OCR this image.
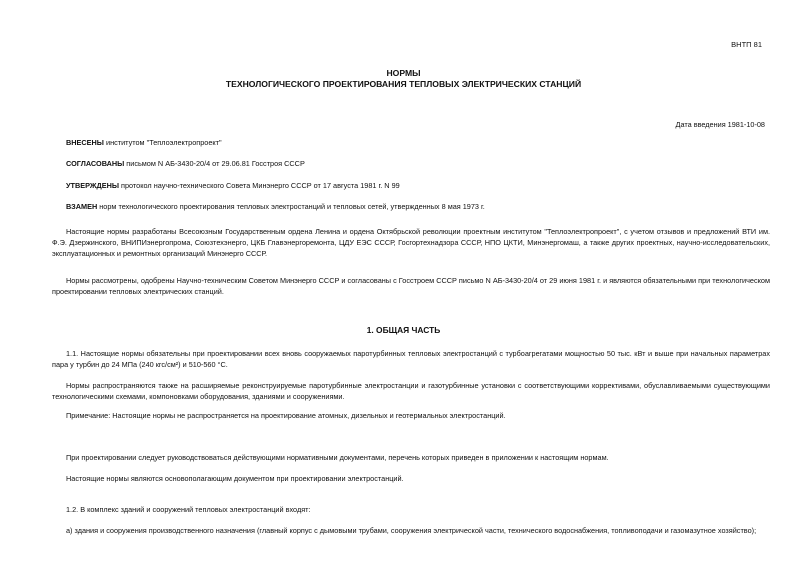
ВНТП 81
НОРМЫ
ТЕХНОЛОГИЧЕСКОГО ПРОЕКТИРОВАНИЯ ТЕПЛОВЫХ ЭЛЕКТРИЧЕСКИХ СТАНЦИЙ
Дата введения 1981-10-08
ВНЕСЕНЫ институтом "Теплоэлектропроект"
СОГЛАСОВАНЫ письмом N АБ-3430-20/4 от 29.06.81 Госстроя СССР
УТВЕРЖДЕНЫ протокол научно-технического Совета Минэнерго СССР от 17 августа 1981 г. N 99
ВЗАМЕН норм технологического проектирования тепловых электростанций и тепловых сетей, утвержденных 8 мая 1973 г.
Настоящие нормы разработаны Всесоюзным Государственным ордена Ленина и ордена Октябрьской революции проектным институтом "Теплоэлектропроект", с учетом отзывов и предложений ВТИ им. Ф.Э. Дзержинского, ВНИПИэнергопрома, Союзтехэнерго, ЦКБ Главэнергоремонта, ЦДУ ЕЭС СССР, Госгортехнадзора СССР, НПО ЦКТИ, Минэнергомаш, а также других проектных, научно-исследовательских, эксплуатационных и ремонтных организаций Минэнерго СССР.
Нормы рассмотрены, одобрены Научно-техническим Советом Минэнерго СССР и согласованы с Госстроем СССР письмо N АБ-3430-20/4 от 29 июня 1981 г. и являются обязательными при технологическом проектировании тепловых электрических станций.
1. ОБЩАЯ ЧАСТЬ
1.1. Настоящие нормы обязательны при проектировании всех вновь сооружаемых паротурбинных тепловых электростанций с турбоагрегатами мощностью 50 тыс. кВт и выше при начальных параметрах пара у турбин до 24 МПа (240 кгс/см²) и 510-560 °С.
Нормы распространяются также на расширяемые реконструируемые паротурбинные электростанции и газотурбинные установки с соответствующими коррективами, обуславливаемыми существующими технологическими схемами, компоновками оборудования, зданиями и сооружениями.
Примечание: Настоящие нормы не распространяется на проектирование атомных, дизельных и геотермальных электростанций.
При проектировании следует руководствоваться действующими нормативными документами, перечень которых приведен в приложении к настоящим нормам.
Настоящие нормы являются основополагающим документом при проектировании электростанций.
1.2. В комплекс зданий и сооружений тепловых электростанций входят:
а) здания и сооружения производственного назначения (главный корпус с дымовыми трубами, сооружения электрической части, технического водоснабжения, топливоподачи и газомазутное хозяйство);
